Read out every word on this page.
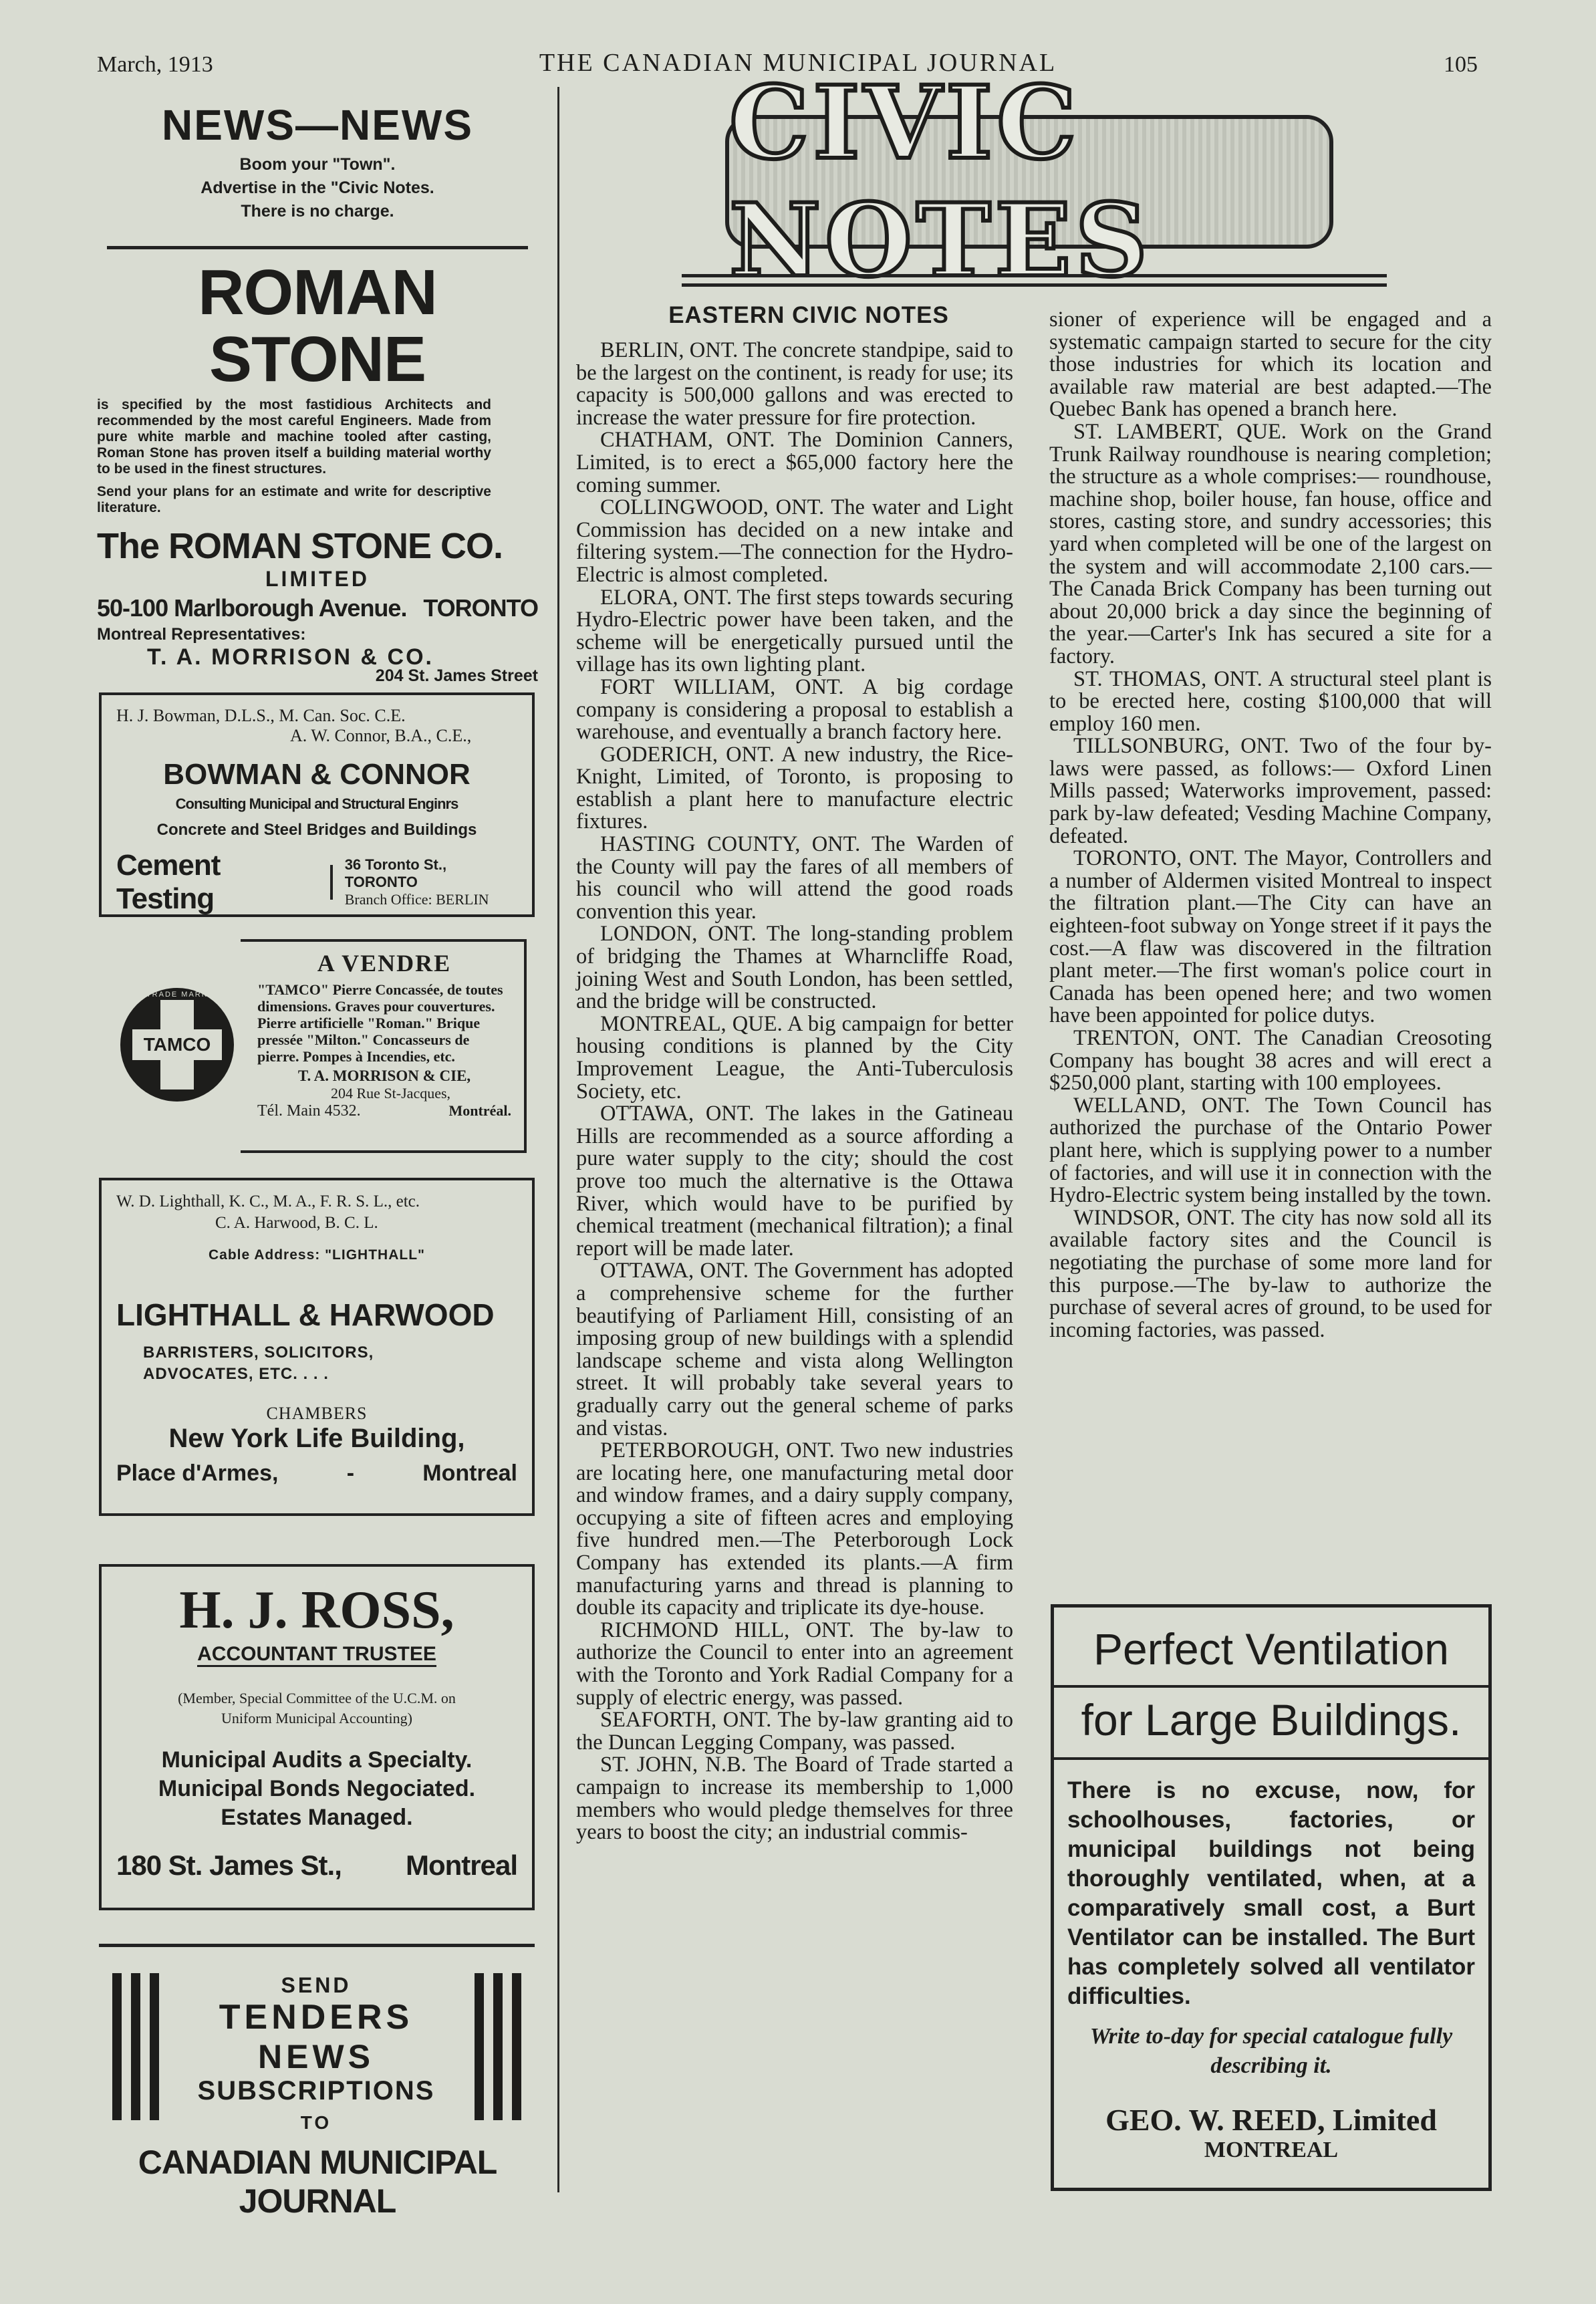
March, 1913	THE CANADIAN MUNICIPAL JOURNAL	105
NEWS—NEWS
Boom your "Town".
Advertise in the "Civic Notes.
There is no charge.
ROMAN STONE
is specified by the most fastidious Architects and recommended by the most careful Engineers. Made from pure white marble and machine tooled after casting, Roman Stone has proven itself a building material worthy to be used in the finest structures.
Send your plans for an estimate and write for descriptive literature.
The ROMAN STONE CO.
LIMITED
50-100 Marlborough Avenue. TORONTO
Montreal Representatives:
T. A. MORRISON & CO.
204 St. James Street
H. J. Bowman, D.L.S., M. Can. Soc. C.E.
A. W. Connor, B.A., C.E.,
BOWMAN & CONNOR
Consulting Municipal and Structural Enginrs
Concrete and Steel Bridges and Buildings
Cement Testing
36 Toronto St., TORONTO
Branch Office: BERLIN
TAMCO
TRADE MARK
A VENDRE
"TAMCO" Pierre Concassée, de toutes dimensions. Graves pour couvertures. Pierre artificielle "Roman." Brique pressée "Milton." Concasseurs de pierre. Pompes à Incendies, etc.
T. A. MORRISON & CIE,
204 Rue St-Jacques,
Tél. Main 4532.	Montréal.
W. D. Lighthall, K. C., M. A., F. R. S. L., etc.
C. A. Harwood, B. C. L.
Cable Address: "LIGHTHALL"
LIGHTHALL & HARWOOD
BARRISTERS, SOLICITORS,
ADVOCATES, ETC. . . .
CHAMBERS
New York Life Building,
Place d'Armes,	-	Montreal
H. J. ROSS,
ACCOUNTANT TRUSTEE
(Member, Special Committee of the U.C.M. on
Uniform Municipal Accounting)
Municipal Audits a Specialty.
Municipal Bonds Negociated.
Estates Managed.
180 St. James St., Montreal
SEND
TENDERS
NEWS
SUBSCRIPTIONS
TO
CANADIAN MUNICIPAL JOURNAL
CIVIC NOTES
EASTERN CIVIC NOTES

BERLIN, ONT. The concrete standpipe, said to be the largest on the continent, is ready for use; its capacity is 500,000 gallons and was erected to increase the water pressure for fire protection.

CHATHAM, ONT. The Dominion Canners, Limited, is to erect a $65,000 factory here the coming summer.

COLLINGWOOD, ONT. The water and Light Commission has decided on a new intake and filtering system.—The connection for the Hydro-Electric is almost completed.

ELORA, ONT. The first steps towards securing Hydro-Electric power have been taken, and the scheme will be energetically pursued until the village has its own lighting plant.

FORT WILLIAM, ONT. A big cordage company is considering a proposal to establish a warehouse, and eventually a branch factory here.

GODERICH, ONT. A new industry, the Rice-Knight, Limited, of Toronto, is proposing to establish a plant here to manufacture electric fixtures.

HASTING COUNTY, ONT. The Warden of the County will pay the fares of all members of his council who will attend the good roads convention this year.

LONDON, ONT. The long-standing problem of bridging the Thames at Wharncliffe Road, joining West and South London, has been settled, and the bridge will be constructed.

MONTREAL, QUE. A big campaign for better housing conditions is planned by the City Improvement League, the Anti-Tuberculosis Society, etc.

OTTAWA, ONT. The lakes in the Gatineau Hills are recommended as a source affording a pure water supply to the city; should the cost prove too much the alternative is the Ottawa River, which would have to be purified by chemical treatment (mechanical filtration); a final report will be made later.

OTTAWA, ONT. The Government has adopted a comprehensive scheme for the further beautifying of Parliament Hill, consisting of an imposing group of new buildings with a splendid landscape scheme and vista along Wellington street. It will probably take several years to gradually carry out the general scheme of parks and vistas.

PETERBOROUGH, ONT. Two new industries are locating here, one manufacturing metal door and window frames, and a dairy supply company, occupying a site of fifteen acres and employing five hundred men.—The Peterborough Lock Company has extended its plants.—A firm manufacturing yarns and thread is planning to double its capacity and triplicate its dye-house.

RICHMOND HILL, ONT. The by-law to authorize the Council to enter into an agreement with the Toronto and York Radial Company for a supply of electric energy, was passed.

SEAFORTH, ONT. The by-law granting aid to the Duncan Legging Company, was passed.

ST. JOHN, N.B. The Board of Trade started a campaign to increase its membership to 1,000 members who would pledge themselves for three years to boost the city; an industrial commis-

sioner of experience will be engaged and a systematic campaign started to secure for the city those industries for which its location and available raw material are best adapted.—The Quebec Bank has opened a branch here.

ST. LAMBERT, QUE. Work on the Grand Trunk Railway roundhouse is nearing completion; the structure as a whole comprises:— roundhouse, machine shop, boiler house, fan house, office and stores, casting store, and sundry accessories; this yard when completed will be one of the largest on the system and will accommodate 2,100 cars.—The Canada Brick Company has been turning out about 20,000 brick a day since the beginning of the year.—Carter's Ink has secured a site for a factory.

ST. THOMAS, ONT. A structural steel plant is to be erected here, costing $100,000 that will employ 160 men.

TILLSONBURG, ONT. Two of the four by-laws were passed, as follows:— Oxford Linen Mills passed; Waterworks improvement, passed: park by-law defeated; Vesding Machine Company, defeated.

TORONTO, ONT. The Mayor, Controllers and a number of Aldermen visited Montreal to inspect the filtration plant.—The City can have an eighteen-foot subway on Yonge street if it pays the cost.—A flaw was discovered in the filtration plant meter.—The first woman's police court in Canada has been opened here; and two women have been appointed for police dutys.

TRENTON, ONT. The Canadian Creosoting Company has bought 38 acres and will erect a $250,000 plant, starting with 100 employees.

WELLAND, ONT. The Town Council has authorized the purchase of the Ontario Power plant here, which is supplying power to a number of factories, and will use it in connection with the Hydro-Electric system being installed by the town.

WINDSOR, ONT. The city has now sold all its available factory sites and the Council is negotiating the purchase of some more land for this purpose.—The by-law to authorize the purchase of several acres of ground, to be used for incoming factories, was passed.

Perfect Ventilation
for Large Buildings.
There is no excuse, now, for schoolhouses, factories, or municipal buildings not being thoroughly ventilated, when, at a comparatively small cost, a Burt Ventilator can be installed. The Burt has completely solved all ventilator difficulties.
Write to-day for special catalogue fully describing it.
GEO. W. REED, Limited
MONTREAL
